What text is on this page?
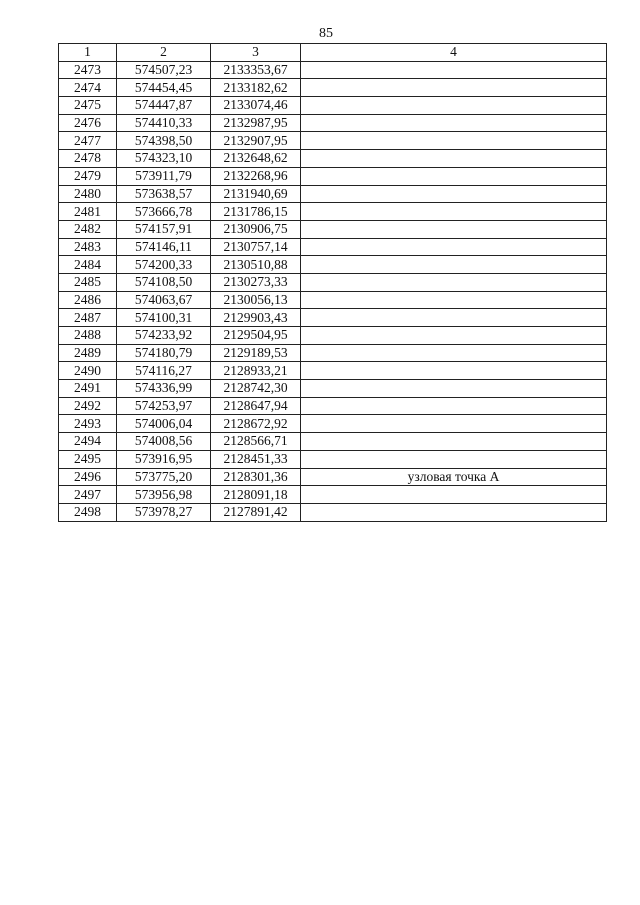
85
1	2	3	4
2473	574507,23	2133353,67	
2474	574454,45	2133182,62	
2475	574447,87	2133074,46	
2476	574410,33	2132987,95	
2477	574398,50	2132907,95	
2478	574323,10	2132648,62	
2479	573911,79	2132268,96	
2480	573638,57	2131940,69	
2481	573666,78	2131786,15	
2482	574157,91	2130906,75	
2483	574146,11	2130757,14	
2484	574200,33	2130510,88	
2485	574108,50	2130273,33	
2486	574063,67	2130056,13	
2487	574100,31	2129903,43	
2488	574233,92	2129504,95	
2489	574180,79	2129189,53	
2490	574116,27	2128933,21	
2491	574336,99	2128742,30	
2492	574253,97	2128647,94	
2493	574006,04	2128672,92	
2494	574008,56	2128566,71	
2495	573916,95	2128451,33	
2496	573775,20	2128301,36	узловая точка А
2497	573956,98	2128091,18	
2498	573978,27	2127891,42	
